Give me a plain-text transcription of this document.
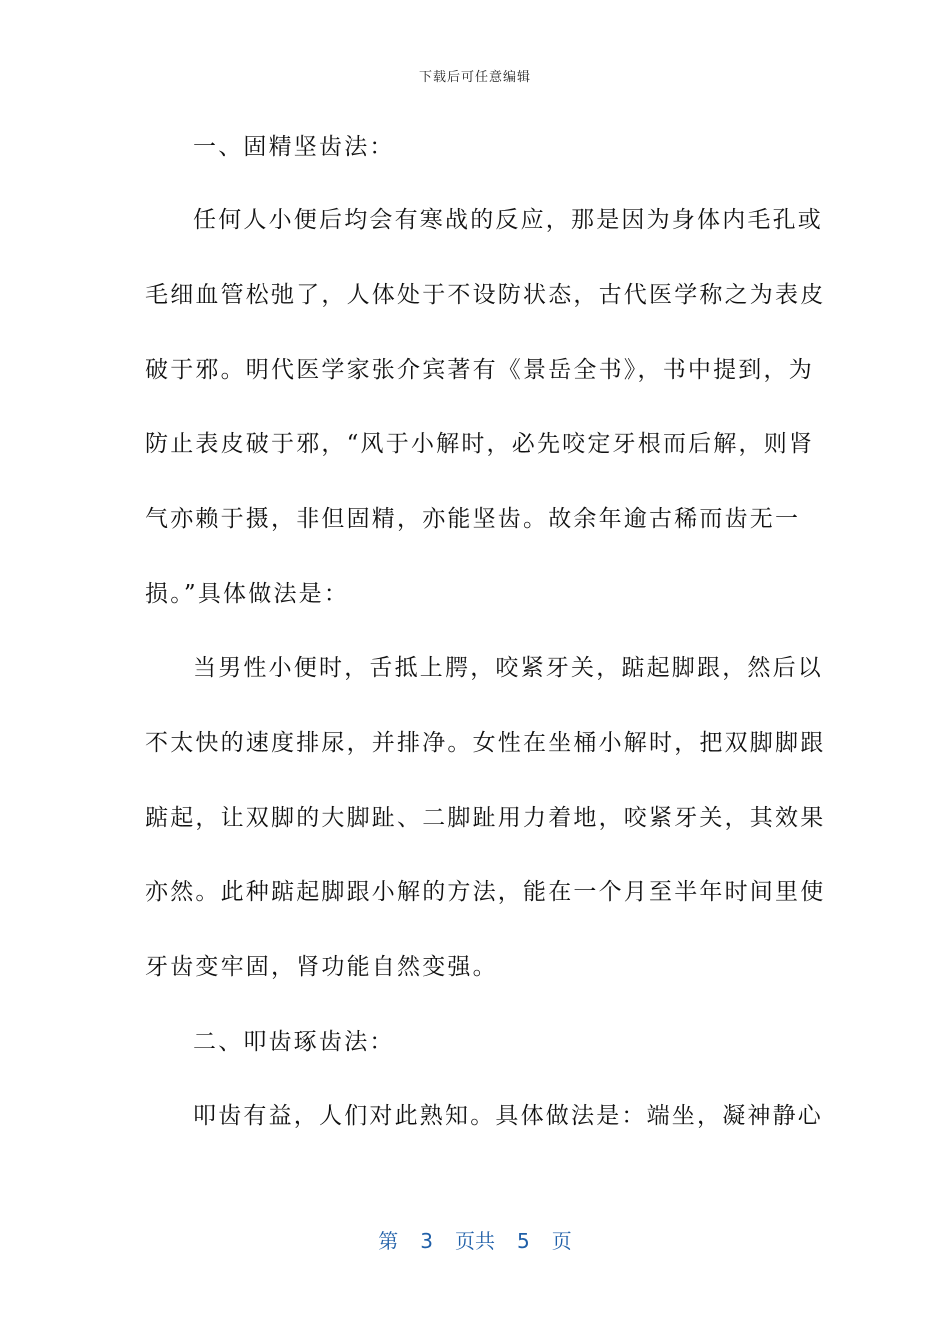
下载后可任意编辑
一、固精坚齿法：
任何人小便后均会有寒战的反应，那是因为身体内毛孔或
毛细血管松弛了，人体处于不设防状态，古代医学称之为表皮
破于邪。明代医学家张介宾著有《景岳全书》，书中提到，为
防止表皮破于邪，“风于小解时，必先咬定牙根而后解，则肾
气亦赖于摄，非但固精，亦能坚齿。故余年逾古稀而齿无一
损。”具体做法是：
当男性小便时，舌抵上腭，咬紧牙关，踮起脚跟，然后以
不太快的速度排尿，并排净。女性在坐桶小解时，把双脚脚跟
踮起，让双脚的大脚趾、二脚趾用力着地，咬紧牙关，其效果
亦然。此种踮起脚跟小解的方法，能在一个月至半年时间里使
牙齿变牢固，肾功能自然变强。
二、叩齿琢齿法：
叩齿有益，人们对此熟知。具体做法是：端坐，凝神静心
第 3 页共 5 页
